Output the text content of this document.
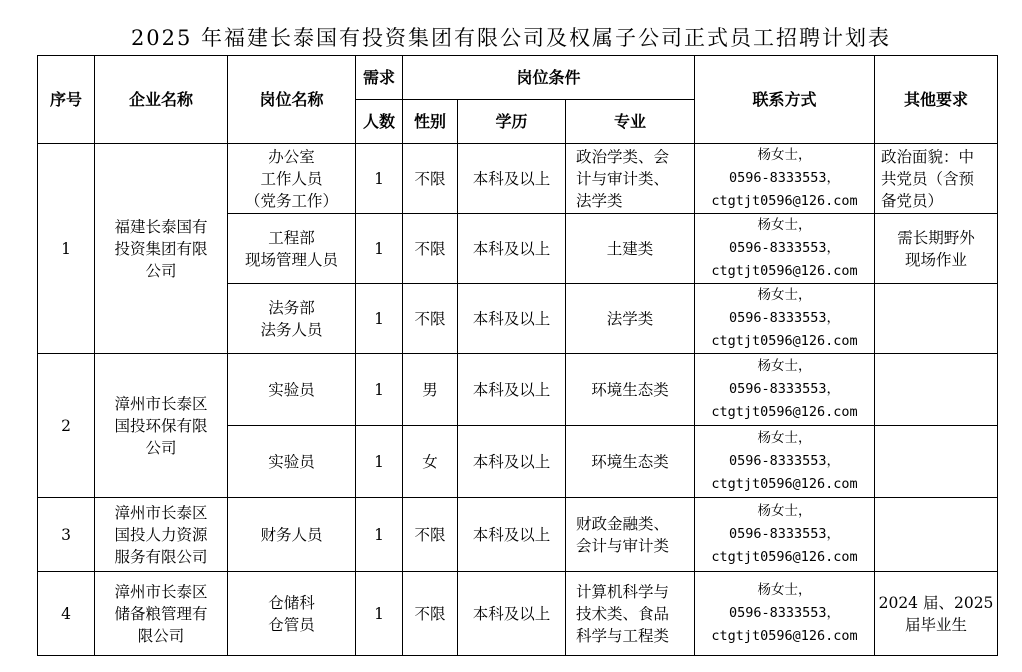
2025 年福建长泰国有投资集团有限公司及权属子公司正式员工招聘计划表
序号	企业名称	岗位名称	需求	岗位条件			联系方式	其他要求
			人数	性别	学历	专业		
1	福建长泰国有
投资集团有限
公司	办公室
工作人员
（党务工作）	1	不限	本科及以上	政治学类、会
计与审计类、
法学类	杨女士，
0596-8333553，
ctgtjt0596@126.com	政治面貌：中
共党员（含预
备党员）

		工程部
现场管理人员	1	不限	本科及以上	土建类	杨女士，
0596-8333553，
ctgtjt0596@126.com	需长期野外
现场作业

		法务部
法务人员	1	不限	本科及以上	法学类	杨女士，
0596-8333553，
ctgtjt0596@126.com	

2	漳州市长泰区
国投环保有限
公司	实验员	1	男	本科及以上	环境生态类	杨女士，
0596-8333553，
ctgtjt0596@126.com	

		实验员	1	女	本科及以上	环境生态类	杨女士，
0596-8333553，
ctgtjt0596@126.com	

3	漳州市长泰区
国投人力资源
服务有限公司	财务人员	1	不限	本科及以上	财政金融类、
会计与审计类	杨女士，
0596-8333553，
ctgtjt0596@126.com	

4	漳州市长泰区
储备粮管理有
限公司	仓储科
仓管员	1	不限	本科及以上	计算机科学与
技术类、食品
科学与工程类	杨女士，
0596-8333553，
ctgtjt0596@126.com	2024 届、2025
届毕业生
